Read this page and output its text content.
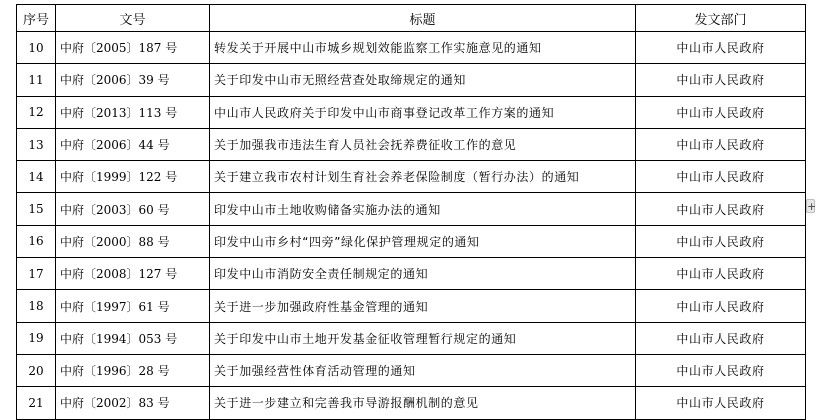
序号	文号	标题	发文部门
10	中府〔2005〕187 号	转发关于开展中山市城乡规划效能监察工作实施意见的通知	中山市人民政府
11	中府〔2006〕39 号	关于印发中山市无照经营查处取缔规定的通知	中山市人民政府
12	中府〔2013〕113 号	中山市人民政府关于印发中山市商事登记改革工作方案的通知	中山市人民政府
13	中府〔2006〕44 号	关于加强我市违法生育人员社会抚养费征收工作的意见	中山市人民政府
14	中府〔1999〕122 号	关于建立我市农村计划生育社会养老保险制度（暂行办法）的通知	中山市人民政府
15	中府〔2003〕60 号	印发中山市土地收购储备实施办法的通知	中山市人民政府
16	中府〔2000〕88 号	印发中山市乡村“四旁”绿化保护管理规定的通知	中山市人民政府
17	中府〔2008〕127 号	印发中山市消防安全责任制规定的通知	中山市人民政府
18	中府〔1997〕61 号	关于进一步加强政府性基金管理的通知	中山市人民政府
19	中府〔1994〕053 号	关于印发中山市土地开发基金征收管理暂行规定的通知	中山市人民政府
20	中府〔1996〕28 号	关于加强经营性体育活动管理的通知	中山市人民政府
21	中府〔2002〕83 号	关于进一步建立和完善我市导游报酬机制的意见	中山市人民政府
+
